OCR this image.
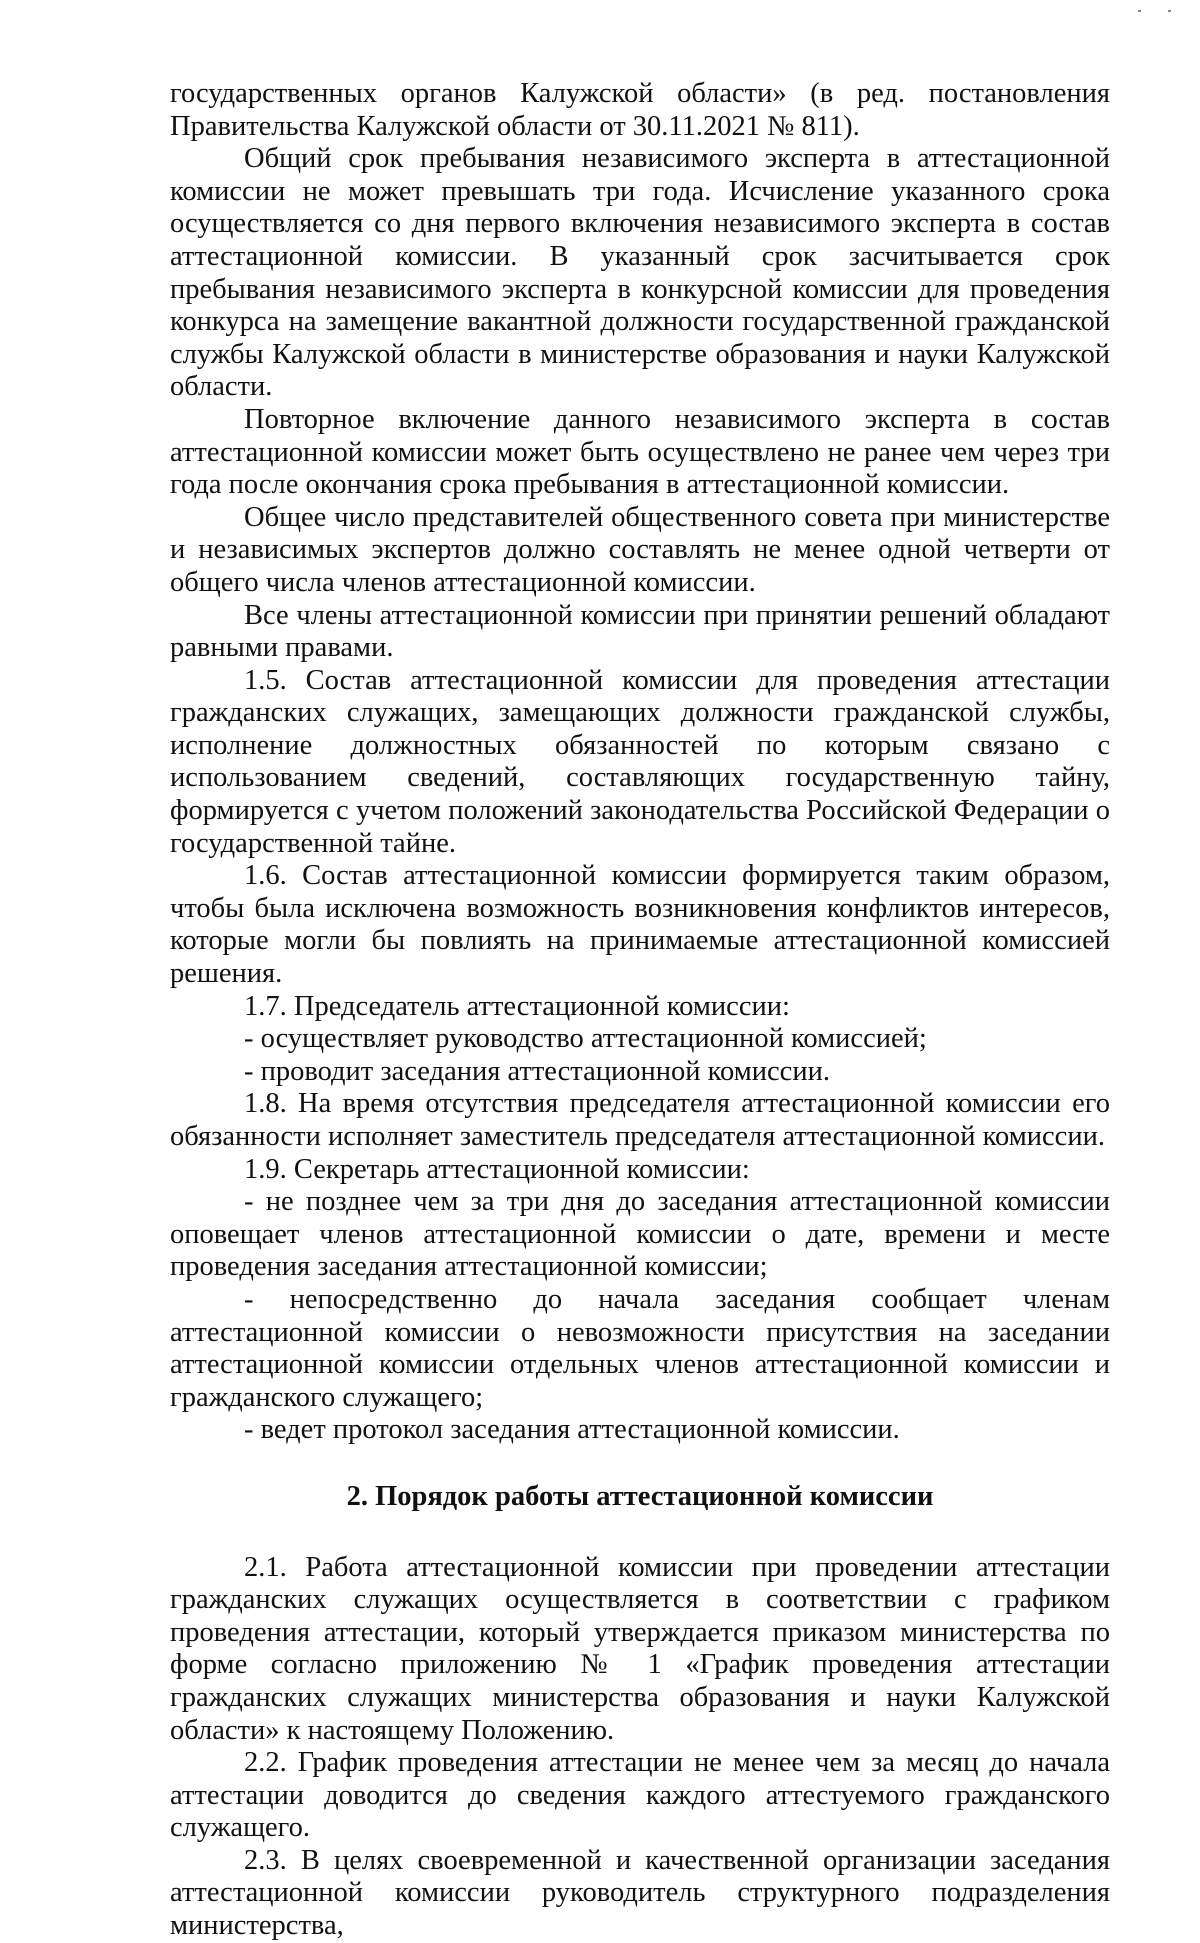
государственных органов Калужской области» (в ред. постановления Правительства Калужской области от 30.11.2021 № 811).

Общий срок пребывания независимого эксперта в аттестационной комиссии не может превышать три года. Исчисление указанного срока осуществляется со дня первого включения независимого эксперта в состав аттестационной комиссии. В указанный срок засчитывается срок пребывания независимого эксперта в конкурсной комиссии для проведения конкурса на замещение вакантной должности государственной гражданской службы Калужской области в министерстве образования и науки Калужской области.

Повторное включение данного независимого эксперта в состав аттестационной комиссии может быть осуществлено не ранее чем через три года после окончания срока пребывания в аттестационной комиссии.

Общее число представителей общественного совета при министерстве и независимых экспертов должно составлять не менее одной четверти от общего числа членов аттестационной комиссии.

Все члены аттестационной комиссии при принятии решений обладают равными правами.

1.5. Состав аттестационной комиссии для проведения аттестации гражданских служащих, замещающих должности гражданской службы, исполнение должностных обязанностей по которым связано с использованием сведений, составляющих государственную тайну, формируется с учетом положений законодательства Российской Федерации о государственной тайне.

1.6. Состав аттестационной комиссии формируется таким образом, чтобы была исключена возможность возникновения конфликтов интересов, которые могли бы повлиять на принимаемые аттестационной комиссией решения.

1.7. Председатель аттестационной комиссии:

- осуществляет руководство аттестационной комиссией;

- проводит заседания аттестационной комиссии.

1.8. На время отсутствия председателя аттестационной комиссии его обязанности исполняет заместитель председателя аттестационной комиссии.

1.9. Секретарь аттестационной комиссии:

- не позднее чем за три дня до заседания аттестационной комиссии оповещает членов аттестационной комиссии о дате, времени и месте проведения заседания аттестационной комиссии;

- непосредственно до начала заседания сообщает членам аттестационной комиссии о невозможности присутствия на заседании аттестационной комиссии отдельных членов аттестационной комиссии и гражданского служащего;

- ведет протокол заседания аттестационной комиссии.

2. Порядок работы аттестационной комиссии

2.1. Работа аттестационной комиссии при проведении аттестации гражданских служащих осуществляется в соответствии с графиком проведения аттестации, который утверждается приказом министерства по форме согласно приложению № 1 «График проведения аттестации гражданских служащих министерства образования и науки Калужской области» к настоящему Положению.

2.2. График проведения аттестации не менее чем за месяц до начала аттестации доводится до сведения каждого аттестуемого гражданского служащего.

2.3. В целях своевременной и качественной организации заседания аттестационной комиссии руководитель структурного подразделения министерства,
